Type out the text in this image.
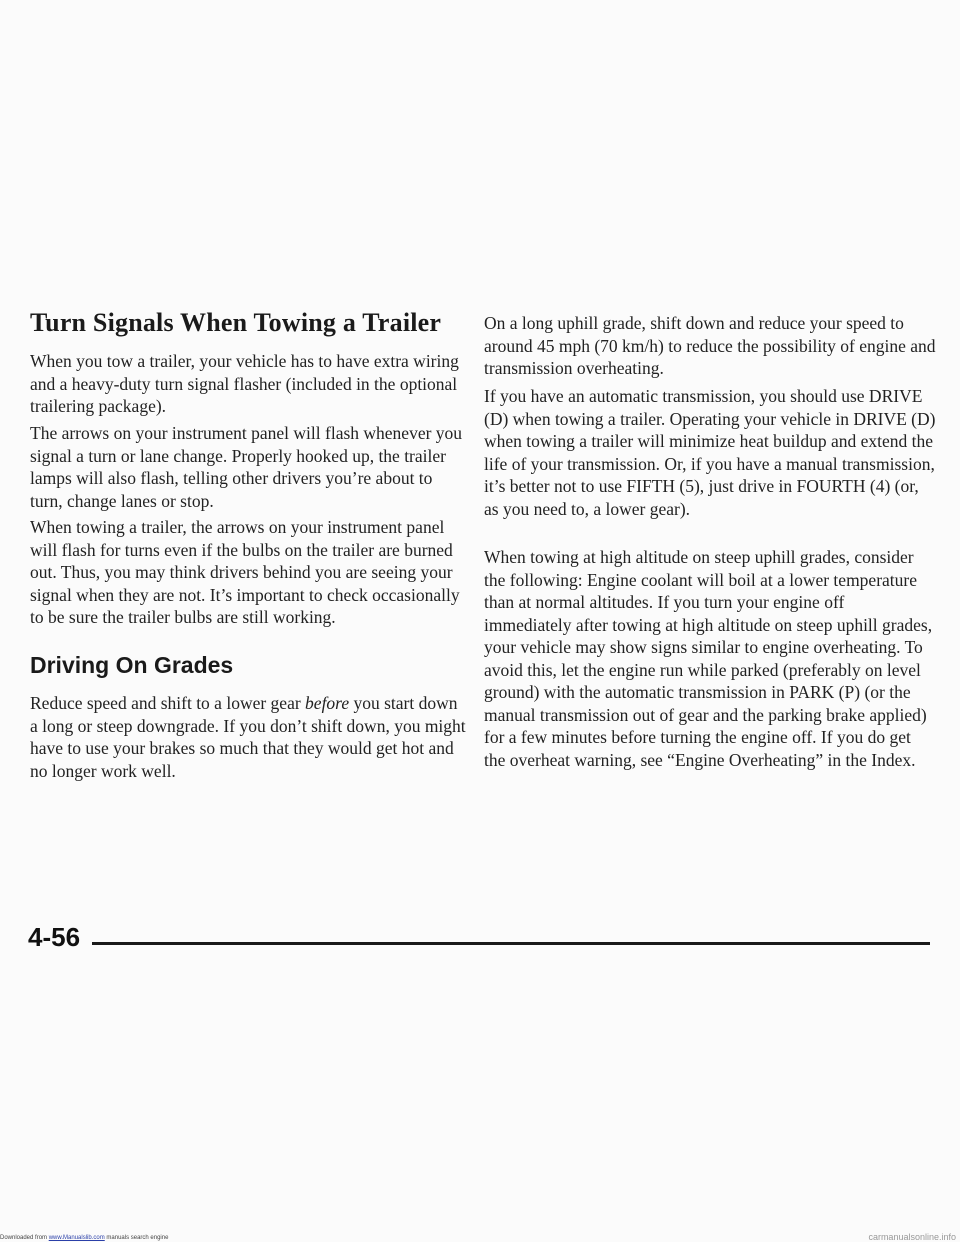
Turn Signals When Towing a Trailer

When you tow a trailer, your vehicle has to have extra wiring and a heavy-duty turn signal flasher (included in the optional trailering package).

The arrows on your instrument panel will flash whenever you signal a turn or lane change. Properly hooked up, the trailer lamps will also flash, telling other drivers you’re about to turn, change lanes or stop.

When towing a trailer, the arrows on your instrument panel will flash for turns even if the bulbs on the trailer are burned out. Thus, you may think drivers behind you are seeing your signal when they are not. It’s important to check occasionally to be sure the trailer bulbs are still working.

Driving On Grades

Reduce speed and shift to a lower gear before you start down a long or steep downgrade. If you don’t shift down, you might have to use your brakes so much that they would get hot and no longer work well.

On a long uphill grade, shift down and reduce your speed to around 45 mph (70 km/h) to reduce the possibility of engine and transmission overheating.

If you have an automatic transmission, you should use DRIVE (D) when towing a trailer. Operating your vehicle in DRIVE (D) when towing a trailer will minimize heat buildup and extend the life of your transmission. Or, if you have a manual transmission, it’s better not to use FIFTH (5), just drive in FOURTH (4) (or, as you need to, a lower gear).

When towing at high altitude on steep uphill grades, consider the following: Engine coolant will boil at a lower temperature than at normal altitudes. If you turn your engine off immediately after towing at high altitude on steep uphill grades, your vehicle may show signs similar to engine overheating. To avoid this, let the engine run while parked (preferably on level ground) with the automatic transmission in PARK (P) (or the manual transmission out of gear and the parking brake applied) for a few minutes before turning the engine off. If you do get the overheat warning, see “Engine Overheating” in the Index.

4-56
Downloaded from www.Manualslib.com manuals search engine	carmanualsonline.info
